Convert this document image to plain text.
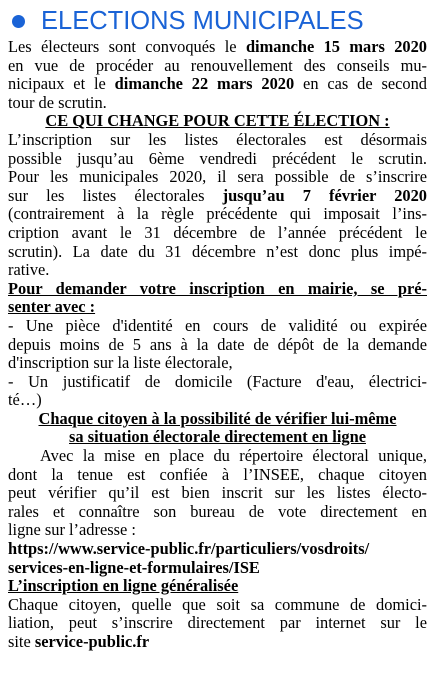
ELECTIONS MUNICIPALES
Les électeurs sont convoqués le dimanche 15 mars 2020
en vue de procéder au renouvellement des conseils mu-
nicipaux et le dimanche 22 mars 2020 en cas de second
tour de scrutin.
CE QUI CHANGE POUR CETTE ÉLECTION :
L’inscription sur les listes électorales est désormais
possible jusqu’au 6ème vendredi précédent le scrutin.
Pour les municipales 2020, il sera possible de s’inscrire
sur les listes électorales jusqu’au 7 février 2020
(contrairement à la règle précédente qui imposait l’ins-
cription avant le 31 décembre de l’année précédent le
scrutin). La date du 31 décembre n’est donc plus impé-
rative.
Pour demander votre inscription en mairie, se pré-
senter avec :
- Une pièce d'identité en cours de validité ou expirée
depuis moins de 5 ans à la date de dépôt de la demande
d'inscription sur la liste électorale,
- Un justificatif de domicile (Facture d'eau, électrici-
té…)
Chaque citoyen à la possibilité de vérifier lui-même
sa situation électorale directement en ligne
Avec la mise en place du répertoire électoral unique,
dont la tenue est confiée à l’INSEE, chaque citoyen
peut vérifier qu’il est bien inscrit sur les listes électo-
rales et connaître son bureau de vote directement en
ligne sur l’adresse :
https://www.service-public.fr/particuliers/vosdroits/
services-en-ligne-et-formulaires/ISE
L’inscription en ligne généralisée
Chaque citoyen, quelle que soit sa commune de domici-
liation, peut s’inscrire directement par internet sur le
site service-public.fr
